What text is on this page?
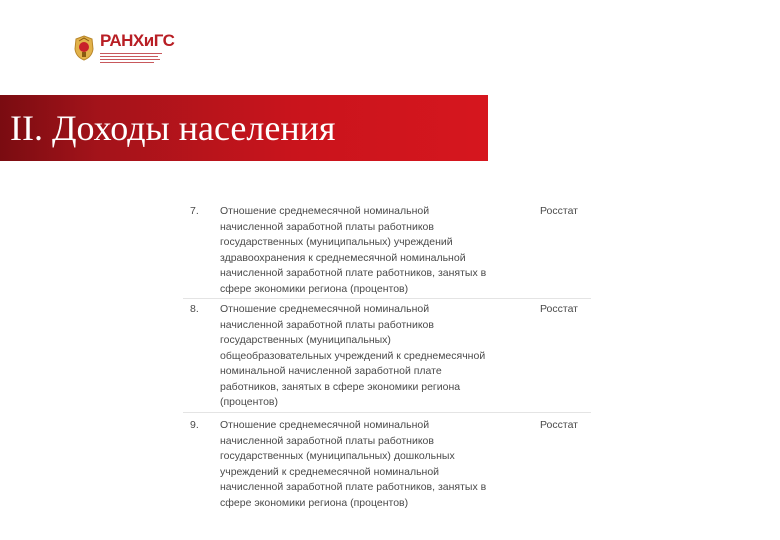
РАНХиГС
II. Доходы населения
7. Отношение среднемесячной номинальной
начисленной заработной платы работников
государственных (муниципальных) учреждений
здравоохранения к среднемесячной номинальной
начисленной заработной плате работников, занятых в
сфере экономики региона (процентов)
Росстат
8. Отношение среднемесячной номинальной
начисленной заработной платы работников
государственных (муниципальных)
общеобразовательных учреждений к среднемесячной
номинальной начисленной заработной плате
работников, занятых в сфере экономики региона
(процентов)
Росстат
9. Отношение среднемесячной номинальной
начисленной заработной платы работников
государственных (муниципальных) дошкольных
учреждений к среднемесячной номинальной
начисленной заработной плате работников, занятых в
сфере экономики региона (процентов)
Росстат
